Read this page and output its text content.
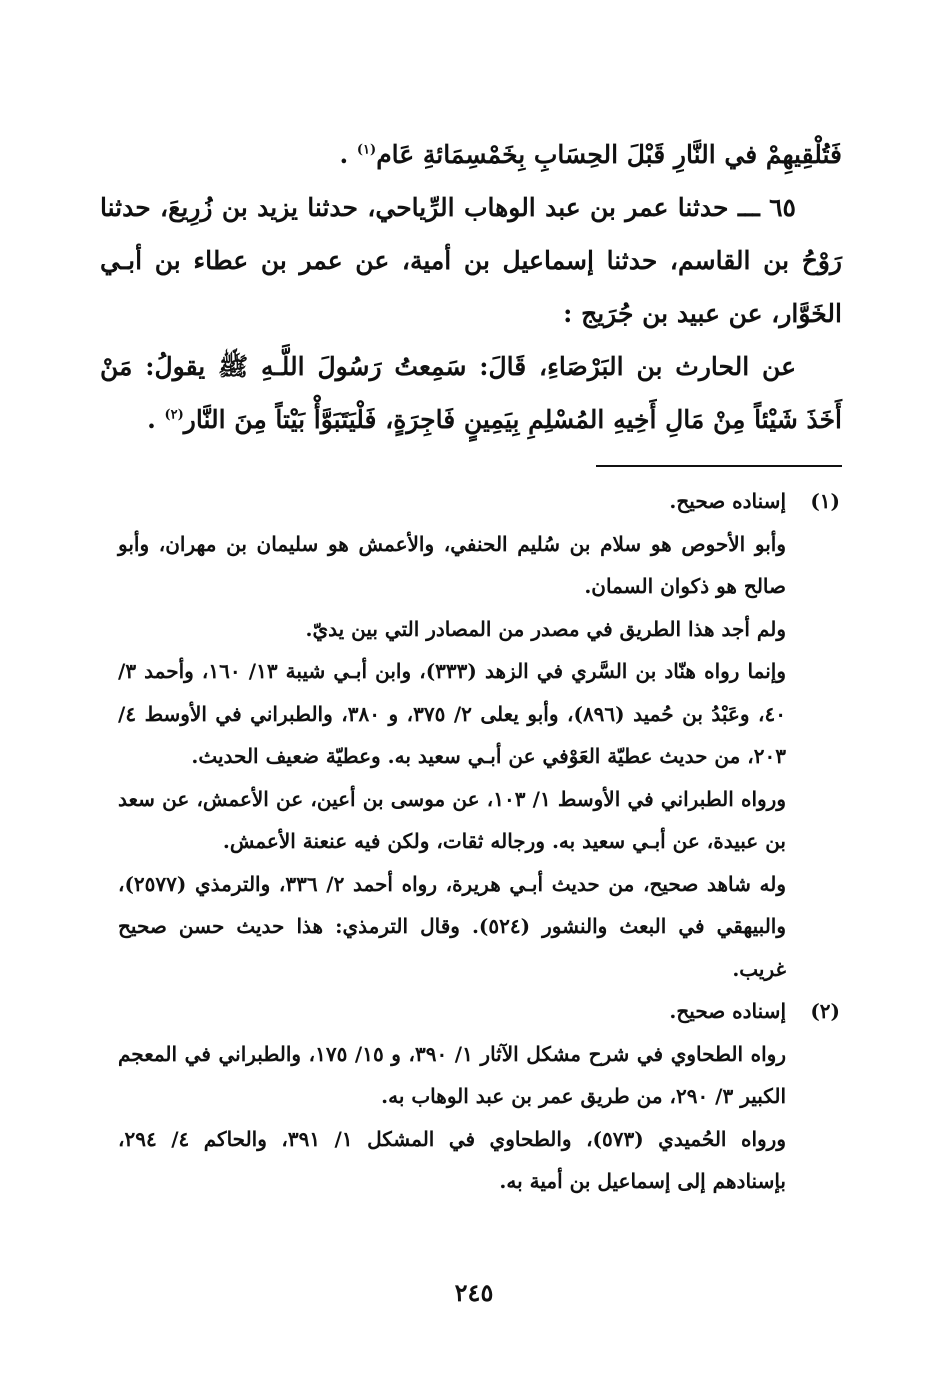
فَتُلْقِيهِمْ في النَّارِ قَبْلَ الحِسَابِ بِخَمْسِمَائةِ عَام$^{(١)}$ .

٦٥ ـــ حدثنا عمر بن عبد الوهاب الرِّياحي، حدثنا يزيد بن زُرِيعَ، حدثنا رَوْحُ بن القاسم، حدثنا إسماعيل بن أمية، عن عمر بن عطاء بن أبـي الخَوَّار، عن عبيد بن جُرَيج :

عن الحارث بن البَرْصَاءِ، قَالَ: سَمِعتُ رَسُولَ اللَّـهِ ﷺ يقولُ: مَنْ أَخَذَ شَيْئاً مِنْ مَالِ أَخِيهِ المُسْلِمِ بِيَمِينٍ فَاجِرَةٍ، فَلْيَتَبَوَّأْ بَيْتاً مِنَ النَّار$^{(٢)}$ .

(١)إسناده صحيح.

وأبو الأحوص هو سلام بن سُليم الحنفي، والأعمش هو سليمان بن مهران، وأبو صالح هو ذكوان السمان.

ولم أجد هذا الطريق في مصدر من المصادر التي بين يديّ.

وإنما رواه هنّاد بن السَّري في الزهد (٣٣٣)، وابن أبـي شيبة ١٣/ ١٦٠، وأحمد ٣/ ٤٠، وعَبْدُ بن حُميد (٨٩٦)، وأبو يعلى ٢/ ٣٧٥، و ٣٨٠، والطبراني في الأوسط ٤/ ٢٠٣، من حديث عطيّة العَوْفي عن أبـي سعيد به. وعطيّة ضعيف الحديث.

ورواه الطبراني في الأوسط ١/ ١٠٣، عن موسى بن أعين، عن الأعمش، عن سعد بن عبيدة، عن أبـي سعيد به. ورجاله ثقات، ولكن فيه عنعنة الأعمش.

وله شاهد صحيح، من حديث أبـي هريرة، رواه أحمد ٢/ ٣٣٦، والترمذي (٢٥٧٧)، والبيهقي في البعث والنشور (٥٢٤). وقال الترمذي: هذا حديث حسن صحيح غريب.

(٢)إسناده صحيح.

رواه الطحاوي في شرح مشكل الآثار ١/ ٣٩٠، و ١٥/ ١٧٥، والطبراني في المعجم الكبير ٣/ ٢٩٠، من طريق عمر بن عبد الوهاب به.

ورواه الحُميدي (٥٧٣)، والطحاوي في المشكل ١/ ٣٩١، والحاكم ٤/ ٢٩٤، بإسنادهم إلى إسماعيل بن أمية به.

٢٤٥
